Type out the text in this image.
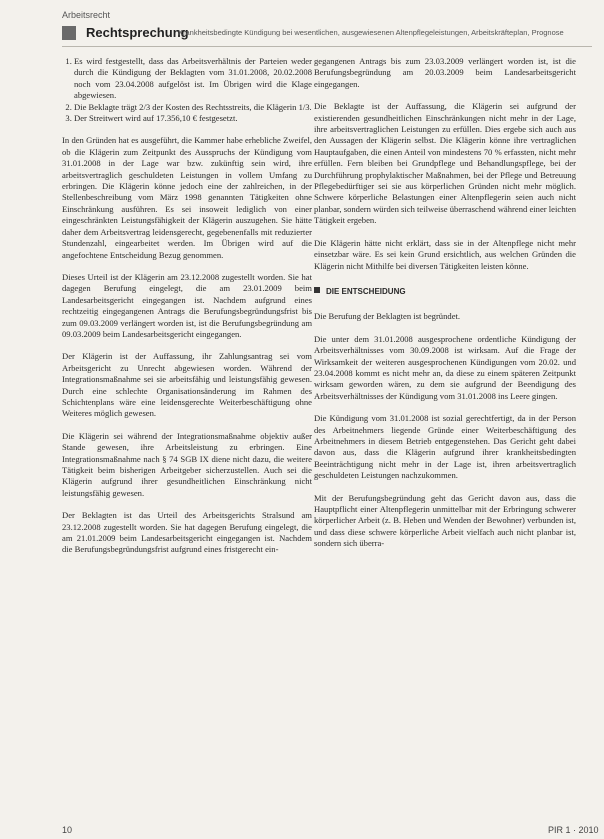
Arbeitsrecht
Rechtsprechung
Krankheitsbedingte Kündigung bei wesentlichen, ausgewiesenen Altenpflegeleistungen, Arbeitskräfteplan, Prognose
1. Es wird festgestellt, dass das Arbeitsverhältnis der Parteien weder durch die Kündigung der Beklagten vom 31.01.2008, 20.02.2008 noch vom 23.04.2008 aufgelöst ist. Im Übrigen wird die Klage abgewiesen.
2. Die Beklagte trägt 2/3 der Kosten des Rechtsstreits, die Klägerin 1/3.
3. Der Streitwert wird auf 17.356,10 € festgesetzt.

In den Gründen hat es ausgeführt, die Kammer habe erhebliche Zweifel, ob die Klägerin zum Zeitpunkt des Ausspruchs der Kündigung vom 31.01.2008 in der Lage war bzw. zukünftig sein wird, ihre arbeitsvertraglich geschuldeten Leistungen in vollem Umfang zu erbringen. Die Klägerin könne jedoch eine der zahlreichen, in der Stellenbeschreibung vom März 1998 genannten Tätigkeiten ohne Einschränkung ausführen. Es sei insoweit lediglich von einer eingeschränkten Leistungsfähigkeit der Klägerin auszugehen. Sie hätte daher dem Arbeitsvertrag leidensgerecht, gegebenenfalls mit reduzierter Stundenzahl, eingearbeitet werden. Im Übrigen wird auf die angefochtene Entscheidung Bezug genommen.

Dieses Urteil ist der Klägerin am 23.12.2008 zugestellt worden. Sie hat dagegen Berufung eingelegt, die am 23.01.2009 beim Landesarbeitsgericht eingegangen ist. Nachdem aufgrund eines rechtzeitig eingegangenen Antrags die Berufungsbegründungsfrist bis zum 09.03.2009 verlängert worden ist, ist die Berufungsbegründung am 09.03.2009 beim Landesarbeitsgericht eingegangen.

Der Klägerin ist der Auffassung, ihr Zahlungsantrag sei vom Arbeitsgericht zu Unrecht abgewiesen worden. Während der Integrationsmaßnahme sei sie arbeitsfähig und leistungsfähig gewesen. Durch eine schlechte Organisationsänderung im Rahmen des Schichtenplans wäre eine leidensgerechte Weiterbeschäftigung ohne Weiteres möglich gewesen.

Die Klägerin sei während der Integrationsmaßnahme objektiv außer Stande gewesen, ihre Arbeitsleistung zu erbringen. Eine Integrationsmaßnahme nach § 74 SGB IX diene nicht dazu, die weitere Tätigkeit beim bisherigen Arbeitgeber sicherzustellen. Auch sei die Klägerin aufgrund ihrer gesundheitlichen Einschränkung nicht leistungsfähig gewesen.

Der Beklagten ist das Urteil des Arbeitsgerichts Stralsund am 23.12.2008 zugestellt worden. Sie hat dagegen Berufung eingelegt, die am 21.01.2009 beim Landesarbeitsgericht eingegangen ist. Nachdem die Berufungsbegründungsfrist aufgrund eines fristgerecht ein-

gegangenen Antrags bis zum 23.03.2009 verlängert worden ist, ist die Berufungsbegründung am 20.03.2009 beim Landesarbeitsgericht eingegangen.

Die Beklagte ist der Auffassung, die Klägerin sei aufgrund der existierenden gesundheitlichen Einschränkungen nicht mehr in der Lage, ihre arbeitsvertraglichen Leistungen zu erfüllen. Dies ergebe sich auch aus den Aussagen der Klägerin selbst. Die Klägerin könne ihre vertraglichen Hauptaufgaben, die einen Anteil von mindestens 70 % erfassten, nicht mehr erfüllen. Fern bleiben bei Grundpflege und Behandlungspflege, bei der Durchführung prophylaktischer Maßnahmen, bei der Pflege und Betreuung Pflegebedürftiger sei sie aus körperlichen Gründen nicht mehr möglich. Schwere körperliche Belastungen einer Altenpflegerin seien auch nicht planbar, sondern würden sich teilweise überraschend während einer leichten Tätigkeit ergeben.

Die Klägerin hätte nicht erklärt, dass sie in der Altenpflege nicht mehr einsetzbar wäre. Es sei kein Grund ersichtlich, aus welchen Gründen die Klägerin nicht Mithilfe bei diversen Tätigkeiten leisten könne.

DIE ENTSCHEIDUNG

Die Berufung der Beklagten ist begründet.

Die unter dem 31.01.2008 ausgesprochene ordentliche Kündigung der Arbeitsverhältnisses vom 30.09.2008 ist wirksam. Auf die Frage der Wirksamkeit der weiteren ausgesprochenen Kündigungen vom 20.02. und 23.04.2008 kommt es nicht mehr an, da diese zu einem späteren Zeitpunkt wirksam geworden wären, zu dem sie aufgrund der Beendigung des Arbeitsverhältnisses der Kündigung vom 31.01.2008 ins Leere gingen.

Die Kündigung vom 31.01.2008 ist sozial gerechtfertigt, da in der Person des Arbeitnehmers liegende Gründe einer Weiterbeschäftigung des Arbeitnehmers in diesem Betrieb entgegenstehen. Das Gericht geht dabei davon aus, dass die Klägerin aufgrund ihrer krankheitsbedingten Beeinträchtigung nicht mehr in der Lage ist, ihren arbeitsvertraglich geschuldeten Leistungen nachzukommen.

Mit der Berufungsbegründung geht das Gericht davon aus, dass die Hauptpflicht einer Altenpflegerin unmittelbar mit der Erbringung schwerer körperlicher Arbeit (z. B. Heben und Wenden der Bewohner) verbunden ist, und dass diese schwere körperliche Arbeit vielfach auch nicht planbar ist, sondern sich überra-

10	PIR 1 · 2010
